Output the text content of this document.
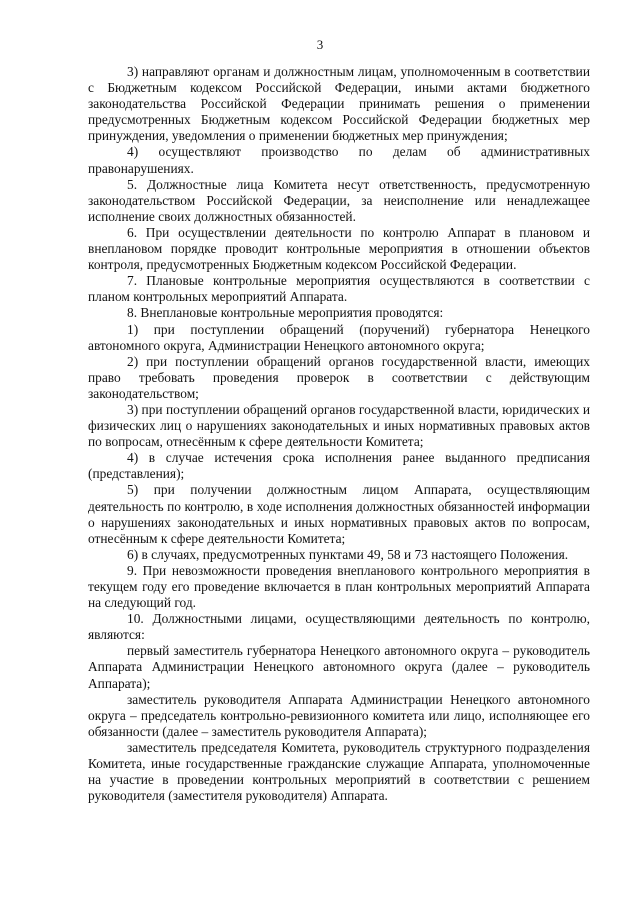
3

3) направляют органам и должностным лицам, уполномоченным в соответствии с Бюджетным кодексом Российской Федерации, иными актами бюджетного законодательства Российской Федерации принимать решения о применении предусмотренных Бюджетным кодексом Российской Федерации бюджетных мер принуждения, уведомления о применении бюджетных мер принуждения;

4) осуществляют производство по делам об административных правонарушениях.

5. Должностные лица Комитета несут ответственность, предусмотренную законодательством Российской Федерации, за неисполнение или ненадлежащее исполнение своих должностных обязанностей.

6. При осуществлении деятельности по контролю Аппарат в плановом и внеплановом порядке проводит контрольные мероприятия в отношении объектов контроля, предусмотренных Бюджетным кодексом Российской Федерации.

7. Плановые контрольные мероприятия осуществляются в соответствии с планом контрольных мероприятий Аппарата.

8. Внеплановые контрольные мероприятия проводятся:

1) при поступлении обращений (поручений) губернатора Ненецкого автономного округа, Администрации Ненецкого автономного округа;

2) при поступлении обращений органов государственной власти, имеющих право требовать проведения проверок в соответствии с действующим законодательством;

3) при поступлении обращений органов государственной власти, юридических и физических лиц о нарушениях законодательных и иных нормативных правовых актов по вопросам, отнесённым к сфере деятельности Комитета;

4) в случае истечения срока исполнения ранее выданного предписания (представления);

5) при получении должностным лицом Аппарата, осуществляющим деятельность по контролю, в ходе исполнения должностных обязанностей информации о нарушениях законодательных и иных нормативных правовых актов по вопросам, отнесённым к сфере деятельности Комитета;

6) в случаях, предусмотренных пунктами 49, 58 и 73 настоящего Положения.

9. При невозможности проведения внепланового контрольного мероприятия в текущем году его проведение включается в план контрольных мероприятий Аппарата на следующий год.

10. Должностными лицами, осуществляющими деятельность по контролю, являются:

первый заместитель губернатора Ненецкого автономного округа – руководитель Аппарата Администрации Ненецкого автономного округа (далее – руководитель Аппарата);

заместитель руководителя Аппарата Администрации Ненецкого автономного округа – председатель контрольно-ревизионного комитета или лицо, исполняющее его обязанности (далее – заместитель руководителя Аппарата);

заместитель председателя Комитета, руководитель структурного подразделения Комитета, иные государственные гражданские служащие Аппарата, уполномоченные на участие в проведении контрольных мероприятий в соответствии с решением руководителя (заместителя руководителя) Аппарата.
